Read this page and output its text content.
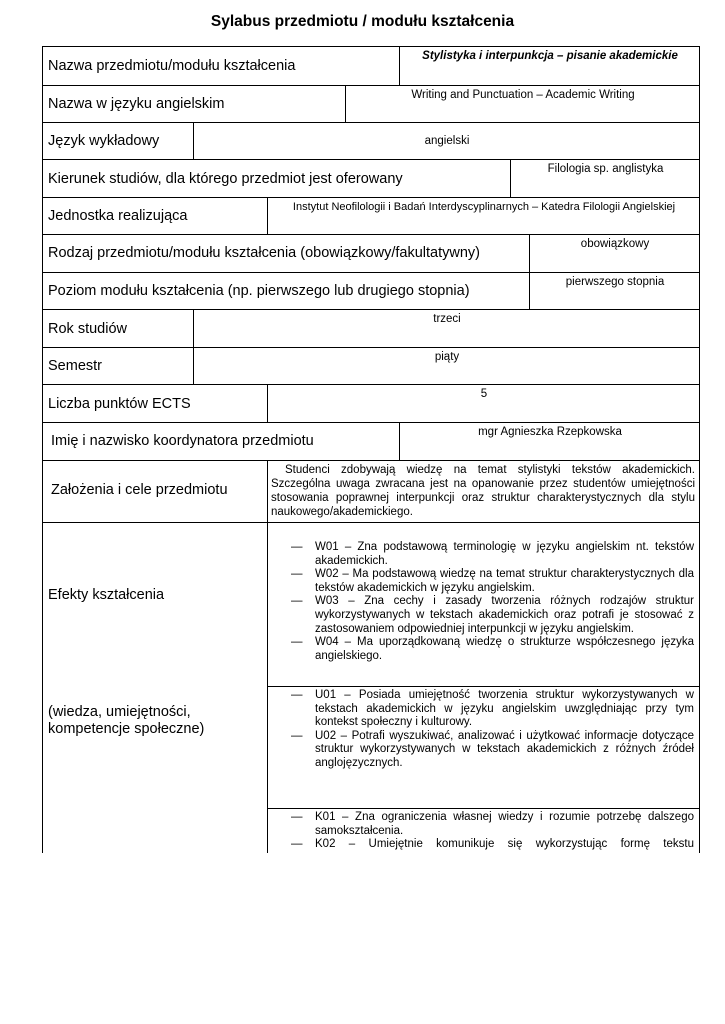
Sylabus przedmiotu / modułu kształcenia
Nazwa przedmiotu/modułu kształcenia
Stylistyka i interpunkcja – pisanie akademickie
Nazwa w języku angielskim
Writing and Punctuation – Academic Writing
Język wykładowy	angielski
Kierunek studiów, dla którego przedmiot jest oferowany
Filologia sp. anglistyka
Jednostka realizująca
Instytut Neofilologii i Badań Interdyscyplinarnych – Katedra Filologii Angielskiej
Rodzaj przedmiotu/modułu kształcenia (obowiązkowy/fakultatywny)
obowiązkowy
Poziom modułu kształcenia (np. pierwszego lub drugiego stopnia)
pierwszego stopnia
Rok studiów
trzeci
Semestr
piąty
Liczba punktów ECTS
5
Imię i nazwisko koordynatora przedmiotu
mgr Agnieszka Rzepkowska
Założenia i cele przedmiotu
Studenci zdobywają wiedzę na temat stylistyki tekstów akademickich. Szczególna uwaga zwracana jest na opanowanie przez studentów umiejętności stosowania poprawnej interpunkcji oraz struktur charakterystycznych dla stylu naukowego/akademickiego.
Efekty kształcenia
(wiedza, umiejętności, kompetencje społeczne)
— W01 – Zna podstawową terminologię w języku angielskim nt. tekstów akademickich.
— W02 – Ma podstawową wiedzę na temat struktur charakterystycznych dla tekstów akademickich w języku angielskim.
— W03 – Zna cechy i zasady tworzenia różnych rodzajów struktur wykorzystywanych w tekstach akademickich oraz potrafi je stosować z zastosowaniem odpowiedniej interpunkcji w języku angielskim.
— W04 – Ma uporządkowaną wiedzę o strukturze współczesnego języka angielskiego.
— U01 – Posiada umiejętność tworzenia struktur wykorzystywanych w tekstach akademickich w języku angielskim uwzględniając przy tym kontekst społeczny i kulturowy.
— U02 – Potrafi wyszukiwać, analizować i użytkować informacje dotyczące struktur wykorzystywanych w tekstach akademickich z różnych źródeł anglojęzycznych.
— K01 – Zna ograniczenia własnej wiedzy i rozumie potrzebę dalszego samokształcenia.
— K02 – Umiejętnie komunikuje się wykorzystując formę tekstu
